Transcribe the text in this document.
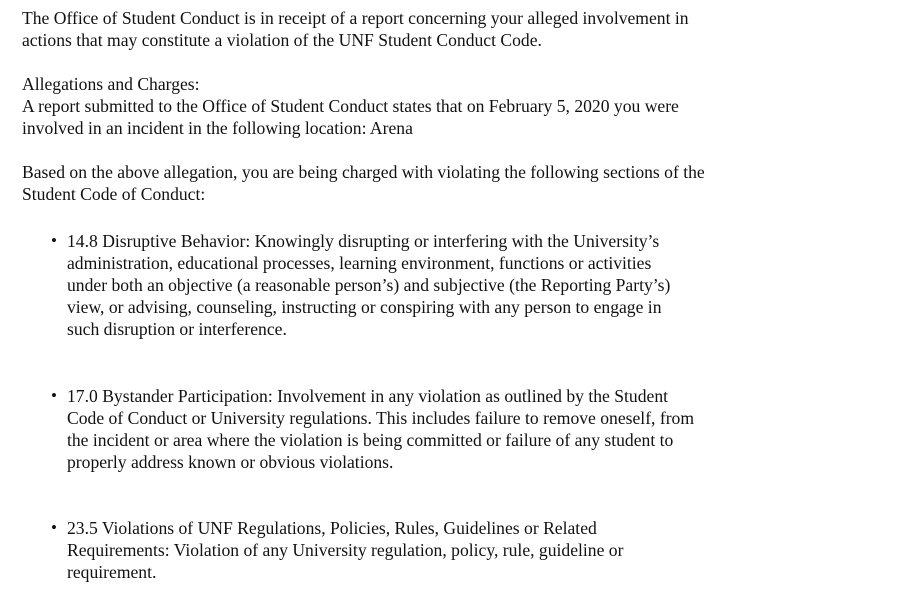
The Office of Student Conduct is in receipt of a report concerning your alleged involvement in
actions that may constitute a violation of the UNF Student Conduct Code.

Allegations and Charges:
A report submitted to the Office of Student Conduct states that on February 5, 2020 you were
involved in an incident in the following location: Arena

Based on the above allegation, you are being charged with violating the following sections of the
Student Code of Conduct:

• 14.8 Disruptive Behavior: Knowingly disrupting or interfering with the University’s
administration, educational processes, learning environment, functions or activities
under both an objective (a reasonable person’s) and subjective (the Reporting Party’s)
view, or advising, counseling, instructing or conspiring with any person to engage in
such disruption or interference.
• 17.0 Bystander Participation: Involvement in any violation as outlined by the Student
Code of Conduct or University regulations. This includes failure to remove oneself, from
the incident or area where the violation is being committed or failure of any student to
properly address known or obvious violations.
• 23.5 Violations of UNF Regulations, Policies, Rules, Guidelines or Related
Requirements: Violation of any University regulation, policy, rule, guideline or
requirement.
